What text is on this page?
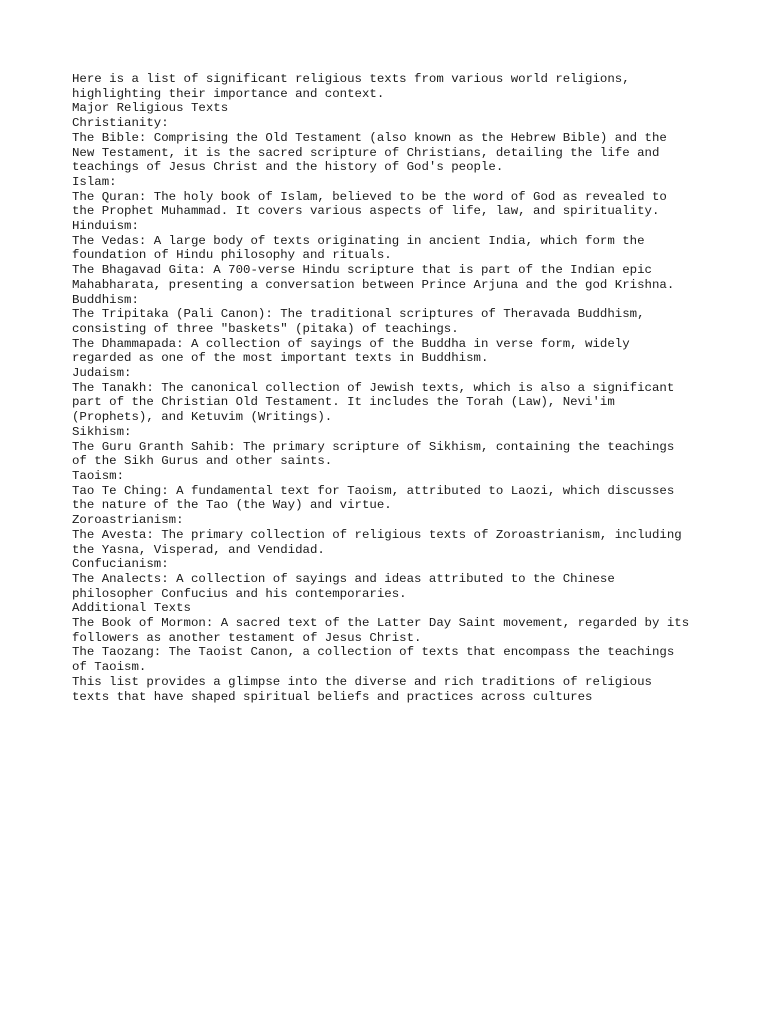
Here is a list of significant religious texts from various world religions,
highlighting their importance and context.
Major Religious Texts
Christianity:
The Bible: Comprising the Old Testament (also known as the Hebrew Bible) and the
New Testament, it is the sacred scripture of Christians, detailing the life and
teachings of Jesus Christ and the history of God's people.
Islam:
The Quran: The holy book of Islam, believed to be the word of God as revealed to
the Prophet Muhammad. It covers various aspects of life, law, and spirituality.
Hinduism:
The Vedas: A large body of texts originating in ancient India, which form the
foundation of Hindu philosophy and rituals.
The Bhagavad Gita: A 700-verse Hindu scripture that is part of the Indian epic
Mahabharata, presenting a conversation between Prince Arjuna and the god Krishna.
Buddhism:
The Tripitaka (Pali Canon): The traditional scriptures of Theravada Buddhism,
consisting of three "baskets" (pitaka) of teachings.
The Dhammapada: A collection of sayings of the Buddha in verse form, widely
regarded as one of the most important texts in Buddhism.
Judaism:
The Tanakh: The canonical collection of Jewish texts, which is also a significant
part of the Christian Old Testament. It includes the Torah (Law), Nevi'im
(Prophets), and Ketuvim (Writings).
Sikhism:
The Guru Granth Sahib: The primary scripture of Sikhism, containing the teachings
of the Sikh Gurus and other saints.
Taoism:
Tao Te Ching: A fundamental text for Taoism, attributed to Laozi, which discusses
the nature of the Tao (the Way) and virtue.
Zoroastrianism:
The Avesta: The primary collection of religious texts of Zoroastrianism, including
the Yasna, Visperad, and Vendidad.
Confucianism:
The Analects: A collection of sayings and ideas attributed to the Chinese
philosopher Confucius and his contemporaries.
Additional Texts
The Book of Mormon: A sacred text of the Latter Day Saint movement, regarded by its
followers as another testament of Jesus Christ.
The Taozang: The Taoist Canon, a collection of texts that encompass the teachings
of Taoism.
This list provides a glimpse into the diverse and rich traditions of religious
texts that have shaped spiritual beliefs and practices across cultures
